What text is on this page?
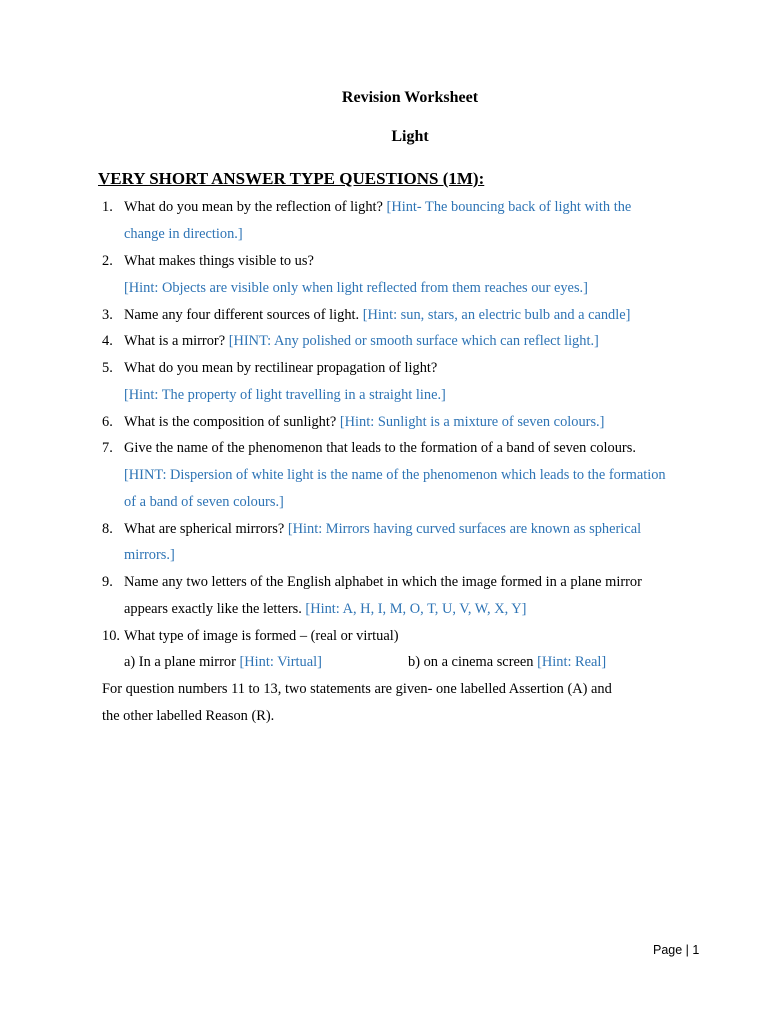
Revision Worksheet
Light
VERY SHORT ANSWER TYPE QUESTIONS (1M):
1. What do you mean by the reflection of light? [Hint- The bouncing back of light with the
change in direction.]
2. What makes things visible to us?
[Hint: Objects are visible only when light reflected from them reaches our eyes.]
3. Name any four different sources of light. [Hint: sun, stars, an electric bulb and a candle]
4. What is a mirror? [HINT: Any polished or smooth surface which can reflect light.]
5. What do you mean by rectilinear propagation of light?
[Hint: The property of light travelling in a straight line.]
6. What is the composition of sunlight? [Hint: Sunlight is a mixture of seven colours.]
7. Give the name of the phenomenon that leads to the formation of a band of seven colours.
[HINT: Dispersion of white light is the name of the phenomenon which leads to the formation
of a band of seven colours.]
8. What are spherical mirrors? [Hint: Mirrors having curved surfaces are known as spherical
mirrors.]
9. Name any two letters of the English alphabet in which the image formed in a plane mirror
appears exactly like the letters. [Hint: A, H, I, M, O, T, U, V, W, X, Y]
10. What type of image is formed – (real or virtual)
a) In a plane mirror [Hint: Virtual]	b) on a cinema screen [Hint: Real]
For question numbers 11 to 13, two statements are given- one labelled Assertion (A) and
the other labelled Reason (R).
Page | 1
